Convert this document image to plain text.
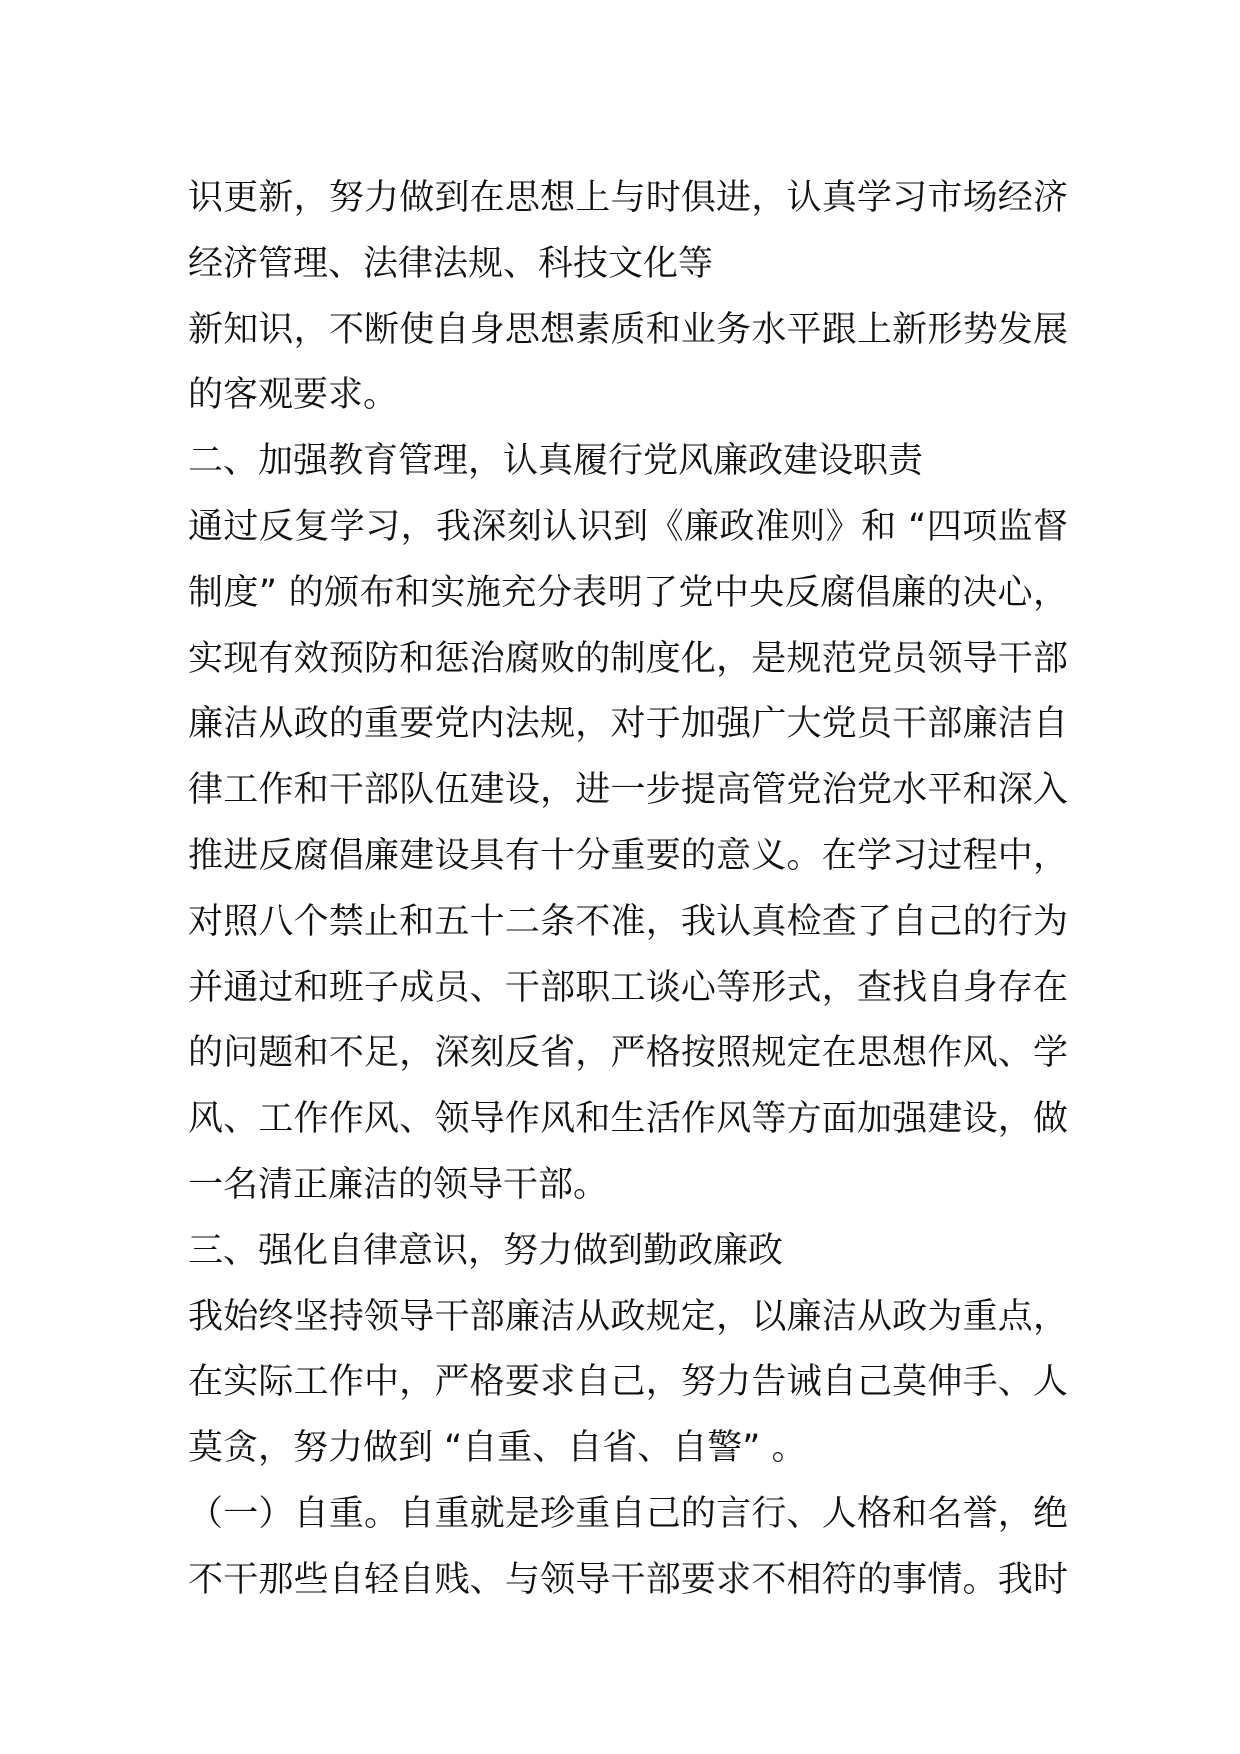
识更新，努力做到在思想上与时俱进，认真学习市场经济
经济管理、法律法规、科技文化等
新知识，不断使自身思想素质和业务水平跟上新形势发展
的客观要求。
二、加强教育管理，认真履行党风廉政建设职责
通过反复学习，我深刻认识到《廉政准则》和 “四项监督
制度” 的颁布和实施充分表明了党中央反腐倡廉的决心，
实现有效预防和惩治腐败的制度化，是规范党员领导干部
廉洁从政的重要党内法规，对于加强广大党员干部廉洁自
律工作和干部队伍建设，进一步提高管党治党水平和深入
推进反腐倡廉建设具有十分重要的意义。在学习过程中，
对照八个禁止和五十二条不准，我认真检查了自己的行为
并通过和班子成员、干部职工谈心等形式，查找自身存在
的问题和不足，深刻反省，严格按照规定在思想作风、学
风、工作作风、领导作风和生活作风等方面加强建设，做
一名清正廉洁的领导干部。
三、强化自律意识，努力做到勤政廉政
我始终坚持领导干部廉洁从政规定，以廉洁从政为重点，
在实际工作中，严格要求自己，努力告诫自己莫伸手、人
莫贪，努力做到 “自重、自省、自警” 。
（一）自重。自重就是珍重自己的言行、人格和名誉，绝
不干那些自轻自贱、与领导干部要求不相符的事情。我时
